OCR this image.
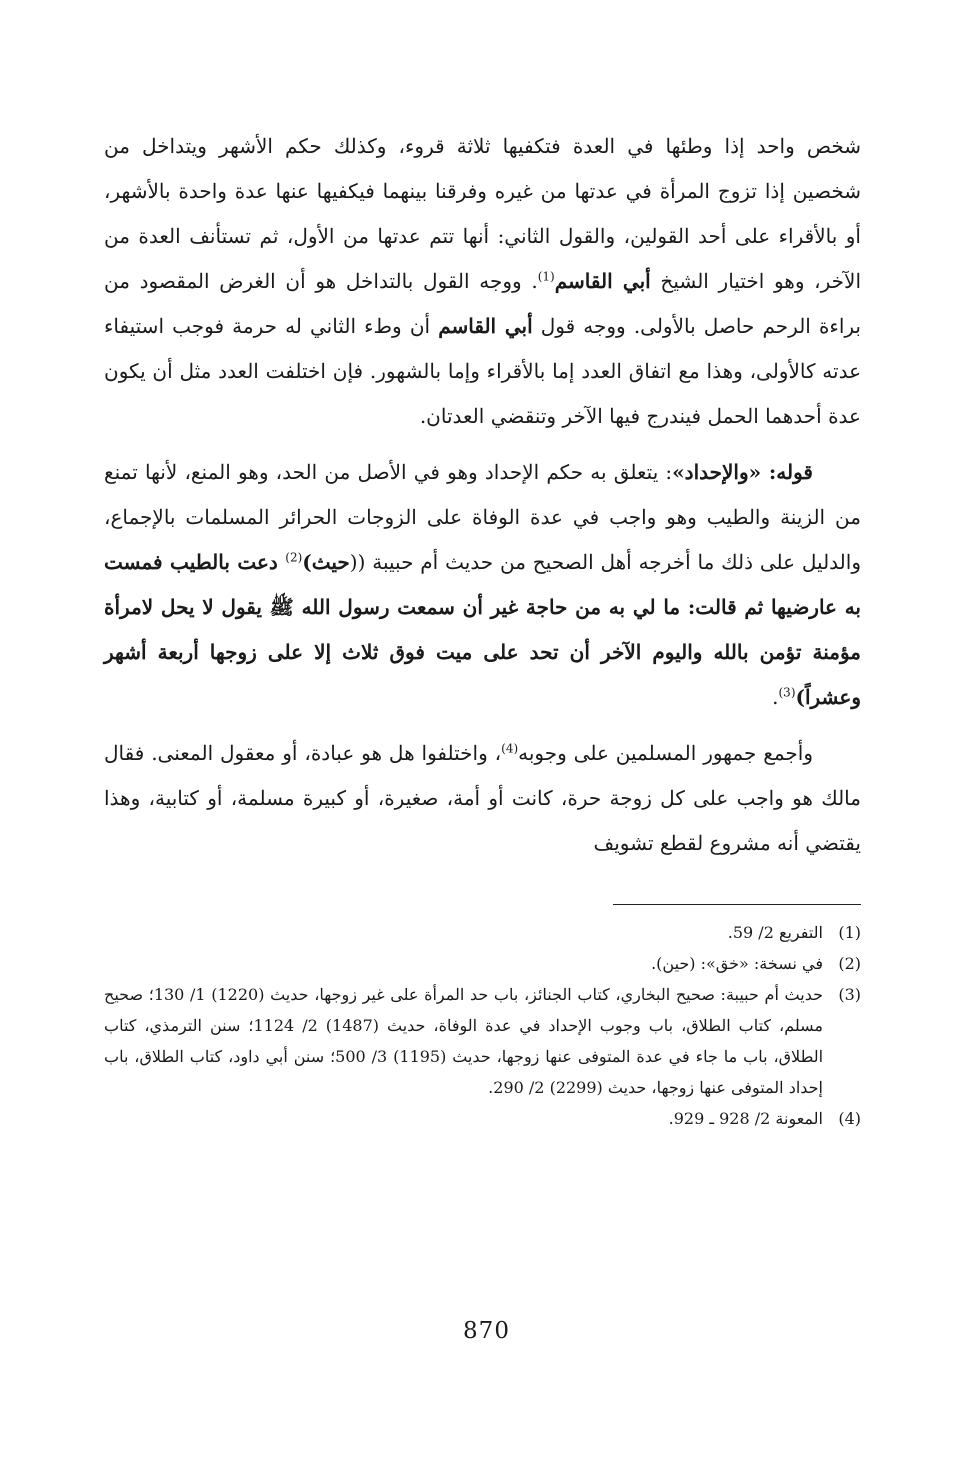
شخص واحد إذا وطئها في العدة فتكفيها ثلاثة قروء، وكذلك حكم الأشهر ويتداخل من شخصين إذا تزوج المرأة في عدتها من غيره وفرقنا بينهما فيكفيها عنها عدة واحدة بالأشهر، أو بالأقراء على أحد القولين، والقول الثاني: أنها تتم عدتها من الأول، ثم تستأنف العدة من الآخر، وهو اختيار الشيخ أبي القاسم$^{(1)}$. ووجه القول بالتداخل هو أن الغرض المقصود من براءة الرحم حاصل بالأولى. ووجه قول أبي القاسم أن وطء الثاني له حرمة فوجب استيفاء عدته كالأولى، وهذا مع اتفاق العدد إما بالأقراء وإما بالشهور. فإن اختلفت العدد مثل أن يكون عدة أحدهما الحمل فيندرج فيها الآخر وتنقضي العدتان.

قوله: «والإحداد»: يتعلق به حكم الإحداد وهو في الأصل من الحد، وهو المنع، لأنها تمنع من الزينة والطيب وهو واجب في عدة الوفاة على الزوجات الحرائر المسلمات بالإجماع، والدليل على ذلك ما أخرجه أهل الصحيح من حديث أم حبيبة ((حيث)$^{(2)}$ دعت بالطيب فمست به عارضيها ثم قالت: ما لي به من حاجة غير أن سمعت رسول الله ﷺ يقول لا يحل لامرأة مؤمنة تؤمن بالله واليوم الآخر أن تحد على ميت فوق ثلاث إلا على زوجها أربعة أشهر وعشراً)$^{(3)}$.

وأجمع جمهور المسلمين على وجوبه$^{(4)}$، واختلفوا هل هو عبادة، أو معقول المعنى. فقال مالك هو واجب على كل زوجة حرة، كانت أو أمة، صغيرة، أو كبيرة مسلمة، أو كتابية، وهذا يقتضي أنه مشروع لقطع تشويف

(1)
التفريع 2/ 59.
(2)
في نسخة: «خق»: (حين).
(3)
حديث أم حبيبة: صحيح البخاري، كتاب الجنائز، باب حد المرأة على غير زوجها، حديث (1220) 1/ 130؛ صحيح مسلم، كتاب الطلاق، باب وجوب الإحداد في عدة الوفاة، حديث (1487) 2/ 1124؛ سنن الترمذي، كتاب الطلاق، باب ما جاء في عدة المتوفى عنها زوجها، حديث (1195) 3/ 500؛ سنن أبي داود، كتاب الطلاق، باب إحداد المتوفى عنها زوجها، حديث (2299) 2/ 290.
(4)
المعونة 2/ 928 ـ 929.
870
